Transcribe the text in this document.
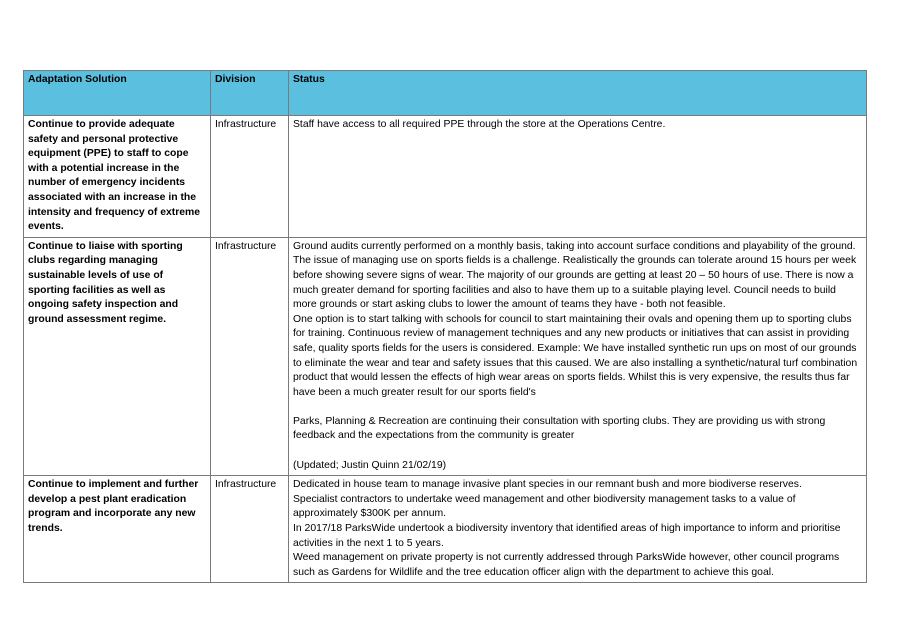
Adaptation Solution	Division	Status
Continue to provide adequate safety and personal protective equipment (PPE) to staff to cope with a potential increase in the number of emergency incidents associated with an increase in the intensity and frequency of extreme events.	Infrastructure	Staff have access to all required PPE through the store at the Operations Centre.

Continue to liaise with sporting clubs regarding managing sustainable levels of use of sporting facilities as well as ongoing safety inspection and ground assessment regime.	Infrastructure	Ground audits currently performed on a monthly basis, taking into account surface conditions and playability of the ground. The issue of managing use on sports fields is a challenge. Realistically the grounds can tolerate around 15 hours per week before showing severe signs of wear. The majority of our grounds are getting at least 20 – 50 hours of use. There is now a much greater demand for sporting facilities and also to have them up to a suitable playing level. Council needs to build more grounds or start asking clubs to lower the amount of teams they have - both not feasible.

One option is to start talking with schools for council to start maintaining their ovals and opening them up to sporting clubs for training. Continuous review of management techniques and any new products or initiatives that can assist in providing safe, quality sports fields for the users is considered. Example: We have installed synthetic run ups on most of our grounds to eliminate the wear and tear and safety issues that this caused. We are also installing a synthetic/natural turf combination product that would lessen the effects of high wear areas on sports fields. Whilst this is very expensive, the results thus far have been a much greater result for our sports field's

Parks, Planning & Recreation are continuing their consultation with sporting clubs. They are providing us with strong feedback and the expectations from the community is greater

(Updated; Justin Quinn 21/02/19)

Continue to implement and further develop a pest plant eradication program and incorporate any new trends.	Infrastructure	Dedicated in house team to manage invasive plant species in our remnant bush and more biodiverse reserves.

Specialist contractors to undertake weed management and other biodiversity management tasks to a value of approximately $300K per annum.

In 2017/18 ParksWide undertook a biodiversity inventory that identified areas of high importance to inform and prioritise activities in the next 1 to 5 years.

Weed management on private property is not currently addressed through ParksWide however, other council programs such as Gardens for Wildlife and the tree education officer align with the department to achieve this goal.
